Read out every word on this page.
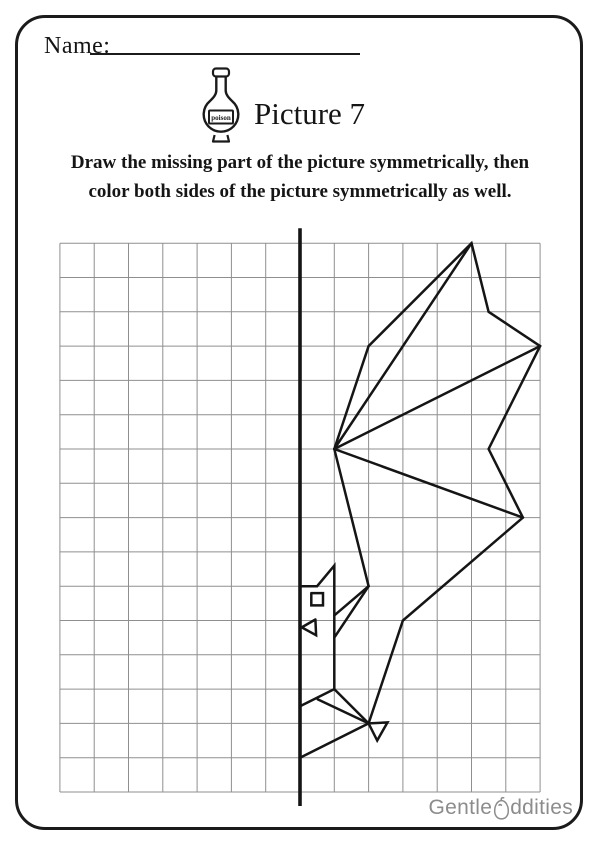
Name:
poison Picture 7
Draw the missing part of the picture symmetrically, then
color both sides of the picture symmetrically as well.
Gentle ddities
